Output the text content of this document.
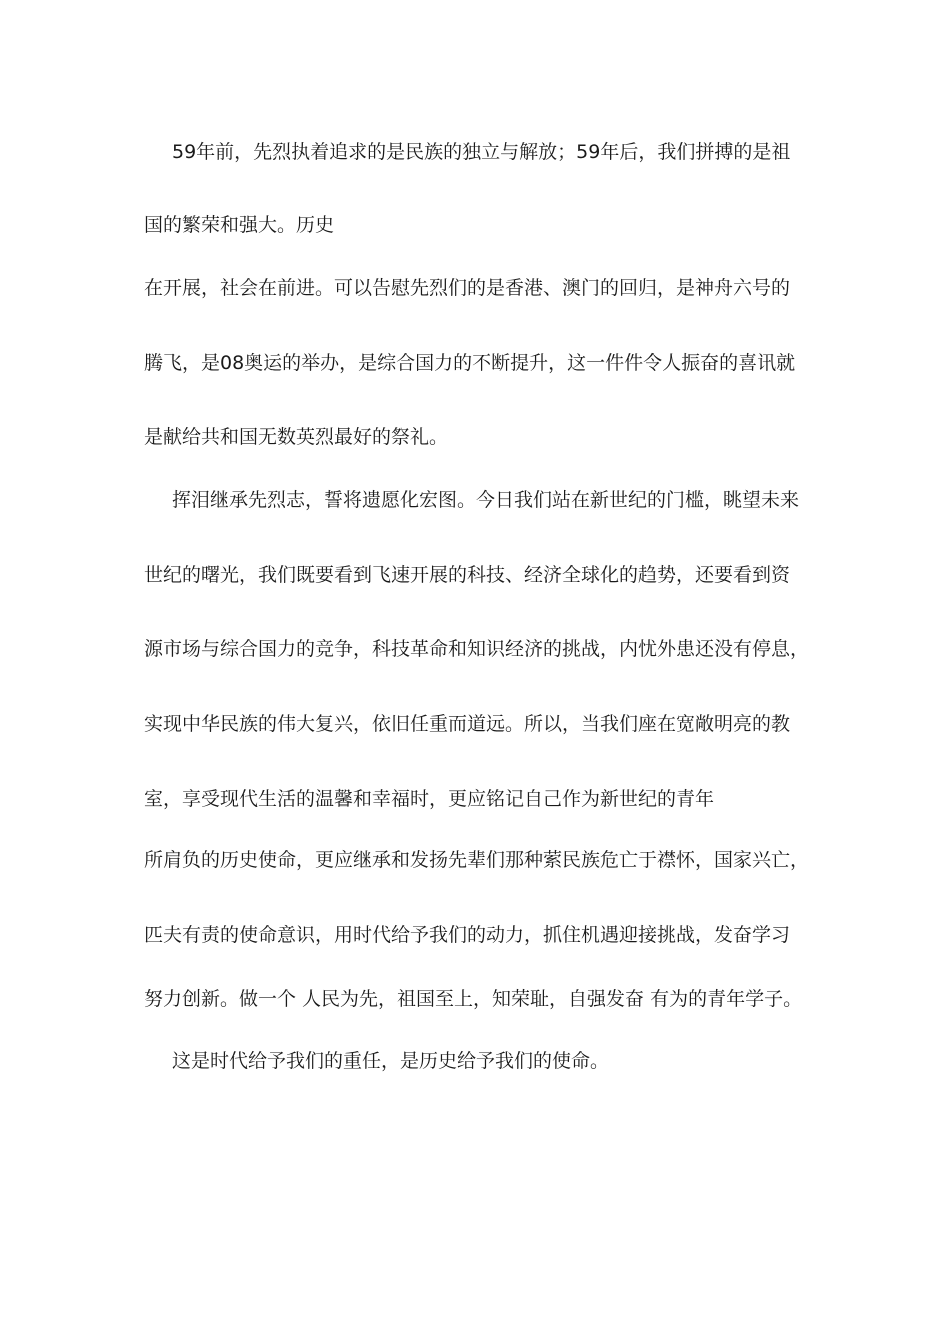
59年前，先烈执着追求的是民族的独立与解放；59年后，我们拼搏的是祖
国的繁荣和强大。历史
在开展，社会在前进。可以告慰先烈们的是香港、澳门的回归，是神舟六号的
腾飞，是08奥运的举办，是综合国力的不断提升，这一件件令人振奋的喜讯就
是献给共和国无数英烈最好的祭礼。
挥泪继承先烈志，誓将遗愿化宏图。今日我们站在新世纪的门槛，眺望未来
世纪的曙光，我们既要看到飞速开展的科技、经济全球化的趋势，还要看到资
源市场与综合国力的竞争，科技革命和知识经济的挑战，内忧外患还没有停息，
实现中华民族的伟大复兴，依旧任重而道远。所以，当我们座在宽敞明亮的教
室，享受现代生活的温馨和幸福时，更应铭记自己作为新世纪的青年
所肩负的历史使命，更应继承和发扬先辈们那种萦民族危亡于襟怀，国家兴亡，
匹夫有责的使命意识，用时代给予我们的动力，抓住机遇迎接挑战，发奋学习
努力创新。做一个 人民为先，祖国至上，知荣耻，自强发奋 有为的青年学子。
这是时代给予我们的重任，是历史给予我们的使命。
